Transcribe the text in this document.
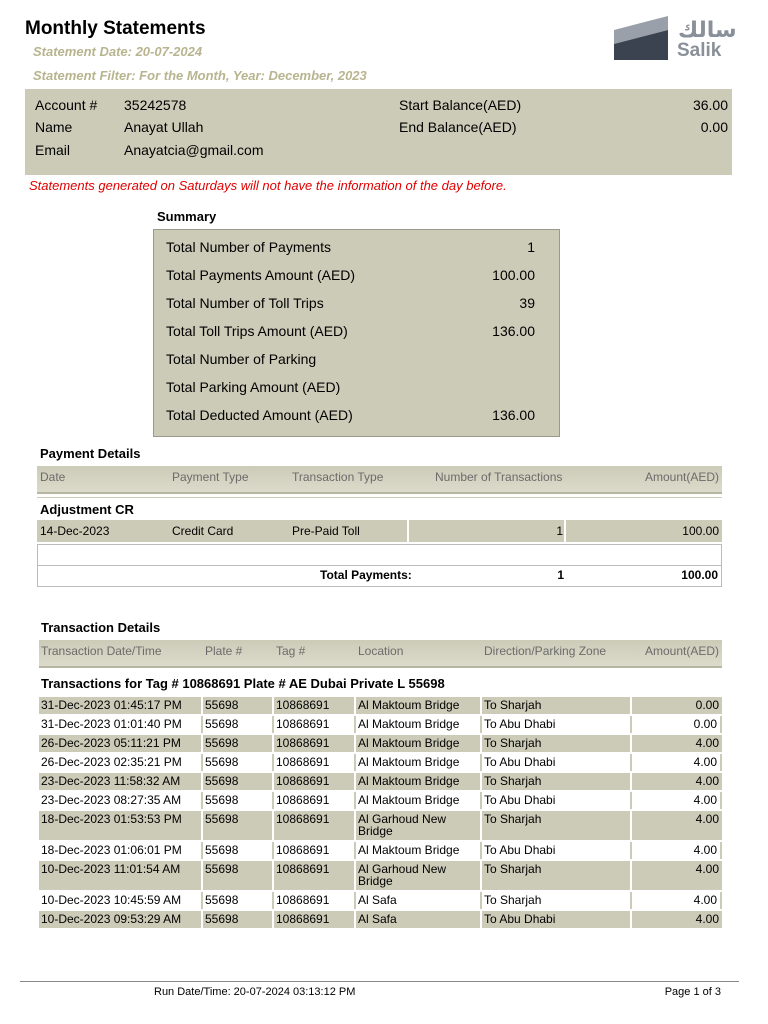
Monthly Statements
Statement Date: 20-07-2024
Statement Filter: For the Month, Year: December, 2023
سالك
Salik
Account # 35242578
Name	Anayat Ullah
Email	Anayatcia@gmail.com
Start Balance(AED)	36.00
End Balance(AED)	0.00
Statements generated on Saturdays will not have the information of the day before.
Summary
Total Number of Payments	1
Total Payments Amount (AED)	100.00
Total Number of Toll Trips	39
Total Toll Trips Amount (AED)	136.00
Total Number of Parking
Total Parking Amount (AED)
Total Deducted Amount (AED)	136.00
Payment Details
Date	Payment Type	Transaction Type	Number of Transactions	Amount(AED)
Adjustment CR
14-Dec-2023	Credit Card	Pre-Paid Toll	1	100.00
Total Payments:	1	100.00
Transaction Details
Transaction Date/Time	Plate #	Tag #	Location	Direction/Parking Zone	Amount(AED)
Transactions for Tag # 10868691 Plate # AE Dubai Private L 55698
31-Dec-2023 01:45:17 PM	55698	10868691	Al Maktoum Bridge	To Sharjah	0.00
31-Dec-2023 01:01:40 PM	55698	10868691	Al Maktoum Bridge	To Abu Dhabi	0.00
26-Dec-2023 05:11:21 PM	55698	10868691	Al Maktoum Bridge	To Sharjah	4.00
26-Dec-2023 02:35:21 PM	55698	10868691	Al Maktoum Bridge	To Abu Dhabi	4.00
23-Dec-2023 11:58:32 AM	55698	10868691	Al Maktoum Bridge	To Sharjah	4.00
23-Dec-2023 08:27:35 AM	55698	10868691	Al Maktoum Bridge	To Abu Dhabi	4.00
18-Dec-2023 01:53:53 PM	55698	10868691	Al Garhoud New Bridge	To Sharjah	4.00
18-Dec-2023 01:06:01 PM	55698	10868691	Al Maktoum Bridge	To Abu Dhabi	4.00
10-Dec-2023 11:01:54 AM	55698	10868691	Al Garhoud New Bridge	To Sharjah	4.00
10-Dec-2023 10:45:59 AM	55698	10868691	Al Safa	To Sharjah	4.00
10-Dec-2023 09:53:29 AM	55698	10868691	Al Safa	To Abu Dhabi	4.00
Run Date/Time: 20-07-2024 03:13:12 PM	Page 1 of 3
